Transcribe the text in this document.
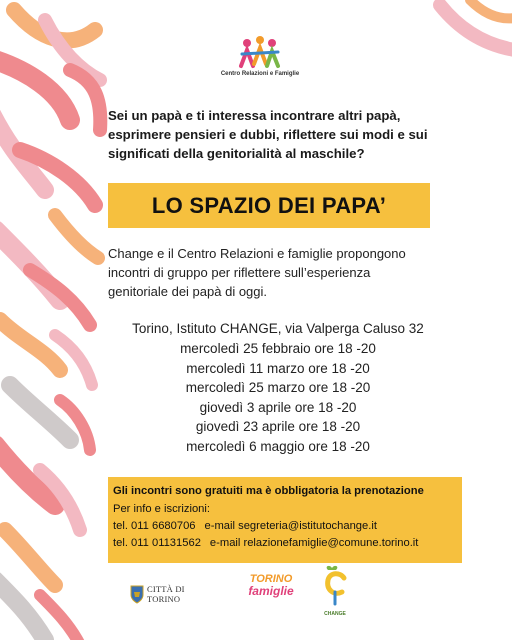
Centro Relazioni e Famiglie
Sei un papà e ti interessa incontrare altri papà,
esprimere pensieri e dubbi, riflettere sui modi e sui
significati della genitorialità al maschile?
LO SPAZIO DEI PAPA’
Change e il Centro Relazioni e famiglie propongono
incontri di gruppo per riflettere sull’esperienza
genitoriale dei papà di oggi.
Torino, Istituto CHANGE, via Valperga Caluso 32
mercoledì 25 febbraio ore 18 -20
mercoledì 11 marzo ore 18 -20
mercoledì 25 marzo ore 18 -20
giovedì 3 aprile ore 18 -20
giovedì 23 aprile ore 18 -20
mercoledì 6 maggio ore 18 -20
Gli incontri sono gratuiti ma è obbligatoria la prenotazione
Per info e iscrizioni:
tel. 011 6680706 e-mail segreteria@istitutochange.it
tel. 011 01131562 e-mail relazionefamiglie@comune.torino.it
CITTÀ DI TORINO
TORINO
famiglie
CHANGE
